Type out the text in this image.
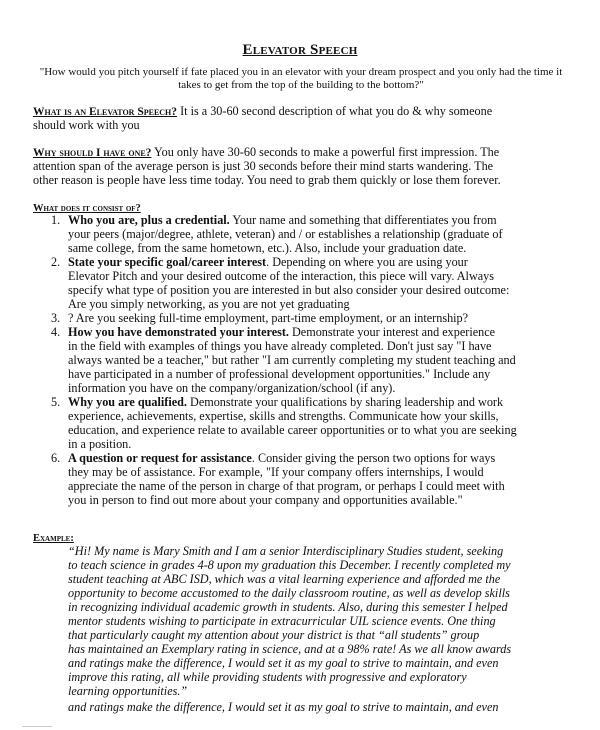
Elevator Speech
"How would you pitch yourself if fate placed you in an elevator with your dream prospect and you only had the time it takes to get from the top of the building to the bottom?"
What is an Elevator Speech? It is a 30-60 second description of what you do & why someone
should work with you
Why should I have one? You only have 30-60 seconds to make a powerful first impression. The
attention span of the average person is just 30 seconds before their mind starts wandering. The
other reason is people have less time today. You need to grab them quickly or lose them forever.
What does it consist of?
1. Who you are, plus a credential. Your name and something that differentiates you from
your peers (major/degree, athlete, veteran) and / or establishes a relationship (graduate of
same college, from the same hometown, etc.). Also, include your graduation date.
2. State your specific goal/career interest. Depending on where you are using your
Elevator Pitch and your desired outcome of the interaction, this piece will vary. Always
specify what type of position you are interested in but also consider your desired outcome:
Are you simply networking, as you are not yet graduating
3. ? Are you seeking full-time employment, part-time employment, or an internship?
4. How you have demonstrated your interest. Demonstrate your interest and experience
in the field with examples of things you have already completed. Don't just say "I have
always wanted be a teacher," but rather "I am currently completing my student teaching and
have participated in a number of professional development opportunities." Include any
information you have on the company/organization/school (if any).
5. Why you are qualified. Demonstrate your qualifications by sharing leadership and work
experience, achievements, expertise, skills and strengths. Communicate how your skills,
education, and experience relate to available career opportunities or to what you are seeking
in a position.
6. A question or request for assistance. Consider giving the person two options for ways
they may be of assistance. For example, "If your company offers internships, I would
appreciate the name of the person in charge of that program, or perhaps I could meet with
you in person to find out more about your company and opportunities available."
Example:
“Hi! My name is Mary Smith and I am a senior Interdisciplinary Studies student, seeking
to teach science in grades 4-8 upon my graduation this December. I recently completed my
student teaching at ABC ISD, which was a vital learning experience and afforded me the
opportunity to become accustomed to the daily classroom routine, as well as develop skills
in recognizing individual academic growth in students. Also, during this semester I helped
mentor students wishing to participate in extracurricular UIL science events. One thing
that particularly caught my attention about your district is that “all students” group
has maintained an Exemplary rating in science, and at a 98% rate! As we all know awards
and ratings make the difference, I would set it as my goal to strive to maintain, and even
improve this rating, all while providing students with progressive and exploratory
learning opportunities.”
and ratings make the difference, I would set it as my goal to strive to maintain, and even
